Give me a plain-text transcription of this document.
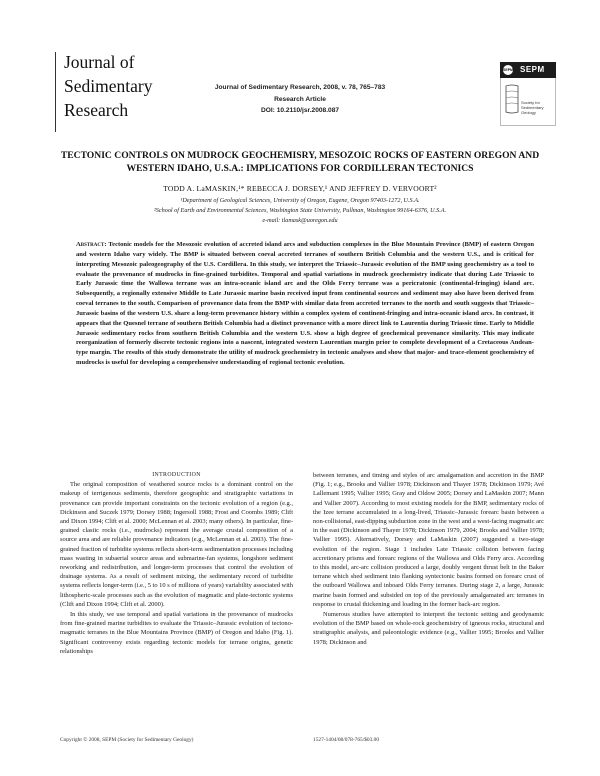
Journal of
Sedimentary
Research
Journal of Sedimentary Research, 2008, v. 78, 765–783
Research Article
DOI: 10.2110/jsr.2008.087
SEPM SEPM
Society for Sedimentary Geology
TECTONIC CONTROLS ON MUDROCK GEOCHEMISRY, MESOZOIC ROCKS OF EASTERN OREGON AND
WESTERN IDAHO, U.S.A.: IMPLICATIONS FOR CORDILLERAN TECTONICS
TODD A. LaMASKIN,¹* REBECCA J. DORSEY,¹ AND JEFFREY D. VERVOORT²
¹Department of Geological Sciences, University of Oregon, Eugene, Oregon 97403-1272, U.S.A.
²School of Earth and Environmental Sciences, Washington State University, Pullman, Washington 99164-6376, U.S.A.
e-mail: tlamask@uoregon.edu
Abstract: Tectonic models for the Mesozoic evolution of accreted island arcs and subduction complexes in the Blue Mountain Province (BMP) of eastern Oregon and western Idaho vary widely. The BMP is situated between coeval accreted terranes of southern British Columbia and the western U.S., and is critical for interpreting Mesozoic paleogeography of the U.S. Cordillera. In this study, we interpret the Triassic–Jurassic evolution of the BMP using geochemistry as a tool to evaluate the provenance of mudrocks in fine-grained turbidites. Temporal and spatial variations in mudrock geochemistry indicate that during Late Triassic to Early Jurassic time the Wallowa terrane was an intra-oceanic island arc and the Olds Ferry terrane was a pericratonic (continental-fringing) island arc. Subsequently, a regionally extensive Middle to Late Jurassic marine basin received input from continental sources and sediment may also have been derived from coeval terranes to the south. Comparison of provenance data from the BMP with similar data from accreted terranes to the north and south suggests that Triassic–Jurassic basins of the western U.S. share a long-term provenance history within a complex system of continent-fringing and intra-oceanic island arcs. In contrast, it appears that the Quesnel terrane of southern British Columbia had a distinct provenance with a more direct link to Laurentia during Triassic time. Early to Middle Jurassic sedimentary rocks from southern British Columbia and the western U.S. show a high degree of geochemical provenance similarity. This may indicate reorganization of formerly discrete tectonic regions into a nascent, integrated western Laurentian margin prior to complete development of a Cretaceous Andean-type margin. The results of this study demonstrate the utility of mudrock geochemistry in tectonic analyses and show that major- and trace-element geochemistry of mudrocks is useful for developing a comprehensive understanding of regional tectonic evolution.

INTRODUCTION

The original composition of weathered source rocks is a dominant control on the makeup of terrigenous sediments, therefore geographic and stratigraphic variations in provenance can provide important constraints on the tectonic evolution of a region (e.g., Dickinson and Suczek 1979; Dorsey 1988; Ingersoll 1988; Frost and Coombs 1989; Clift and Dixon 1994; Clift et al. 2000; McLennan et al. 2003; many others). In particular, fine-grained clastic rocks (i.e., mudrocks) represent the average crustal composition of a source area and are reliable provenance indicators (e.g., McLennan et al. 2003). The fine-grained fraction of turbidite systems reflects short-term sedimentation processes including mass wasting in subaerial source areas and submarine-fan systems, longshore sediment reworking and redistribution, and longer-term processes that control the evolution of drainage systems. As a result of sediment mixing, the sedimentary record of turbidite systems reflects longer-term (i.e., 5 to 10 s of millions of years) variability associated with lithospheric-scale processes such as the evolution of magmatic and plate-tectonic systems (Clift and Dixon 1994; Clift et al. 2000).

In this study, we use temporal and spatial variations in the provenance of mudrocks from fine-grained marine turbidites to evaluate the Triassic–Jurassic evolution of tectono-magmatic terranes in the Blue Mountains Province (BMP) of Oregon and Idaho (Fig. 1). Significant controversy exists regarding tectonic models for terrane origins, genetic relationships

between terranes, and timing and styles of arc amalgamation and accretion in the BMP (Fig. 1; e.g., Brooks and Vallier 1978; Dickinson and Thayer 1978; Dickinson 1979; Avé Lallemant 1995; Vallier 1995; Gray and Oldow 2005; Dorsey and LaMaskin 2007; Mann and Vallier 2007). According to most existing models for the BMP, sedimentary rocks of the Izee terrane accumulated in a long-lived, Triassic–Jurassic forearc basin between a non-collisional, east-dipping subduction zone in the west and a west-facing magmatic arc in the east (Dickinson and Thayer 1978; Dickinson 1979, 2004; Brooks and Vallier 1978; Vallier 1995). Alternatively, Dorsey and LaMaskin (2007) suggested a two-stage evolution of the region. Stage 1 includes Late Triassic collision between facing accretionary prisms and forearc regions of the Wallowa and Olds Ferry arcs. According to this model, arc-arc collision produced a large, doubly vergent thrust belt in the Baker terrane which shed sediment into flanking syntectonic basins formed on forearc crust of the outboard Wallowa and inboard Olds Ferry terranes. During stage 2, a large, Jurassic marine basin formed and subsided on top of the previously amalgamated arc terranes in response to crustal thickening and loading in the former back-arc region.

Numerous studies have attempted to interpret the tectonic setting and geodynamic evolution of the BMP based on whole-rock geochemistry of igneous rocks, structural and stratigraphic analysis, and paleontologic evidence (e.g., Vallier 1995; Brooks and Vallier 1978; Dickinson and

Copyright © 2008, SEPM (Society for Sedimentary Geology)	1527-1404/08/078-765/$03.00
